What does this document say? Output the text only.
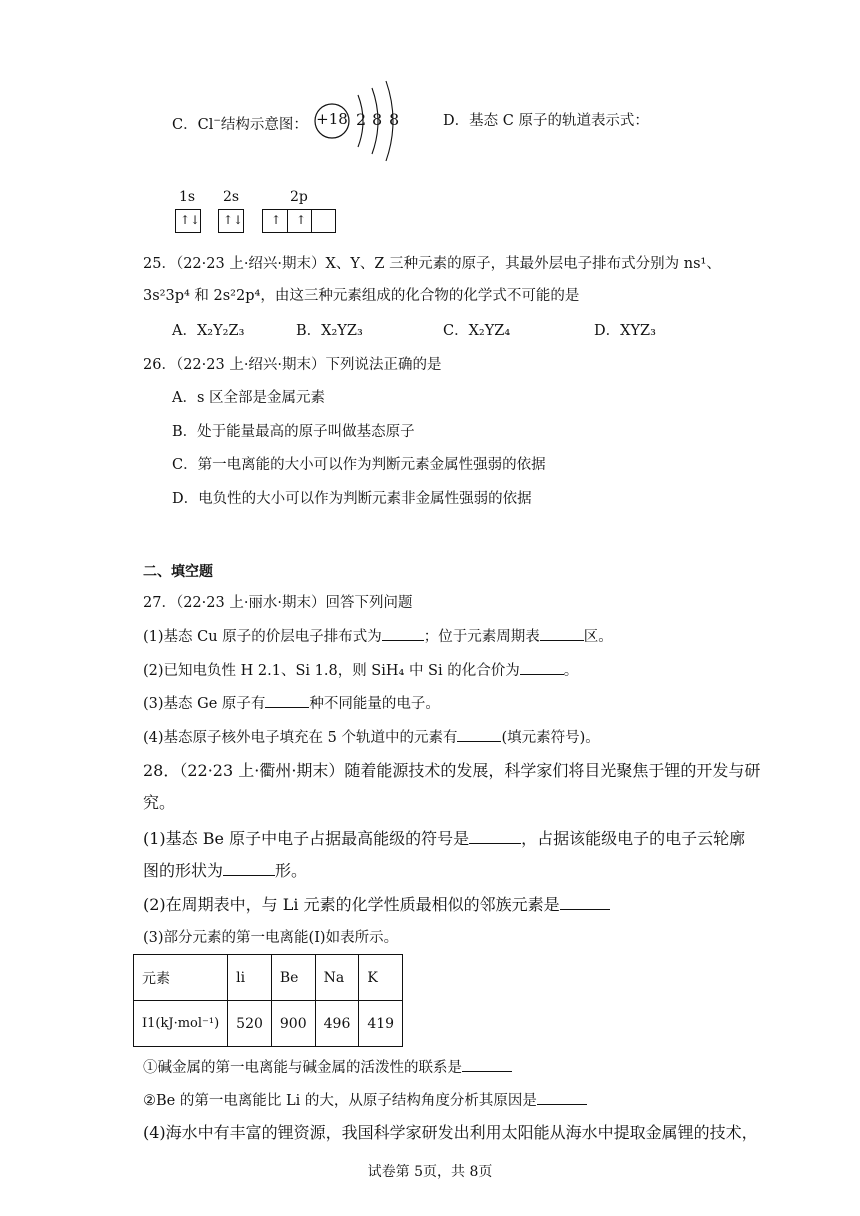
C．Cl−结构示意图： +18 2 8 8	D．基态 C 原子的轨道表示式：
1s 2s	2p
↑↓ ↑↓ ↑ ↑
25．（22·23 上·绍兴·期末）X、Y、Z 三种元素的原子，其最外层电子排布式分别为 ns¹、
3s²3p⁴ 和 2s²2p⁴，由这三种元素组成的化合物的化学式不可能的是
A．X₂Y₂Z₃	B．X₂YZ₃	C．X₂YZ₄	D．XYZ₃
26．（22·23 上·绍兴·期末）下列说法正确的是
A．s 区全部是金属元素
B．处于能量最高的原子叫做基态原子
C．第一电离能的大小可以作为判断元素金属性强弱的依据
D．电负性的大小可以作为判断元素非金属性强弱的依据
二、填空题
27．（22·23 上·丽水·期末）回答下列问题
(1)基态 Cu 原子的价层电子排布式为	；位于元素周期表	区。
(2)已知电负性 H 2.1、Si 1.8，则 SiH₄ 中 Si 的化合价为	。
(3)基态 Ge 原子有	种不同能量的电子。
(4)基态原子核外电子填充在 5 个轨道中的元素有	(填元素符号)。
28．（22·23 上·衢州·期末）随着能源技术的发展，科学家们将目光聚焦于锂的开发与研
究。
(1)基态 Be 原子中电子占据最高能级的符号是	，占据该能级电子的电子云轮廓
图的形状为	形。
(2)在周期表中，与 Li 元素的化学性质最相似的邻族元素是
(3)部分元素的第一电离能(I)如表所示。
元素	li	Be	Na	K
I1(kJ·mol⁻¹)	520	900	496	419
①碱金属的第一电离能与碱金属的活泼性的联系是
②Be 的第一电离能比 Li 的大，从原子结构角度分析其原因是
(4)海水中有丰富的锂资源，我国科学家研发出利用太阳能从海水中提取金属锂的技术，
试卷第 5页，共 8页
